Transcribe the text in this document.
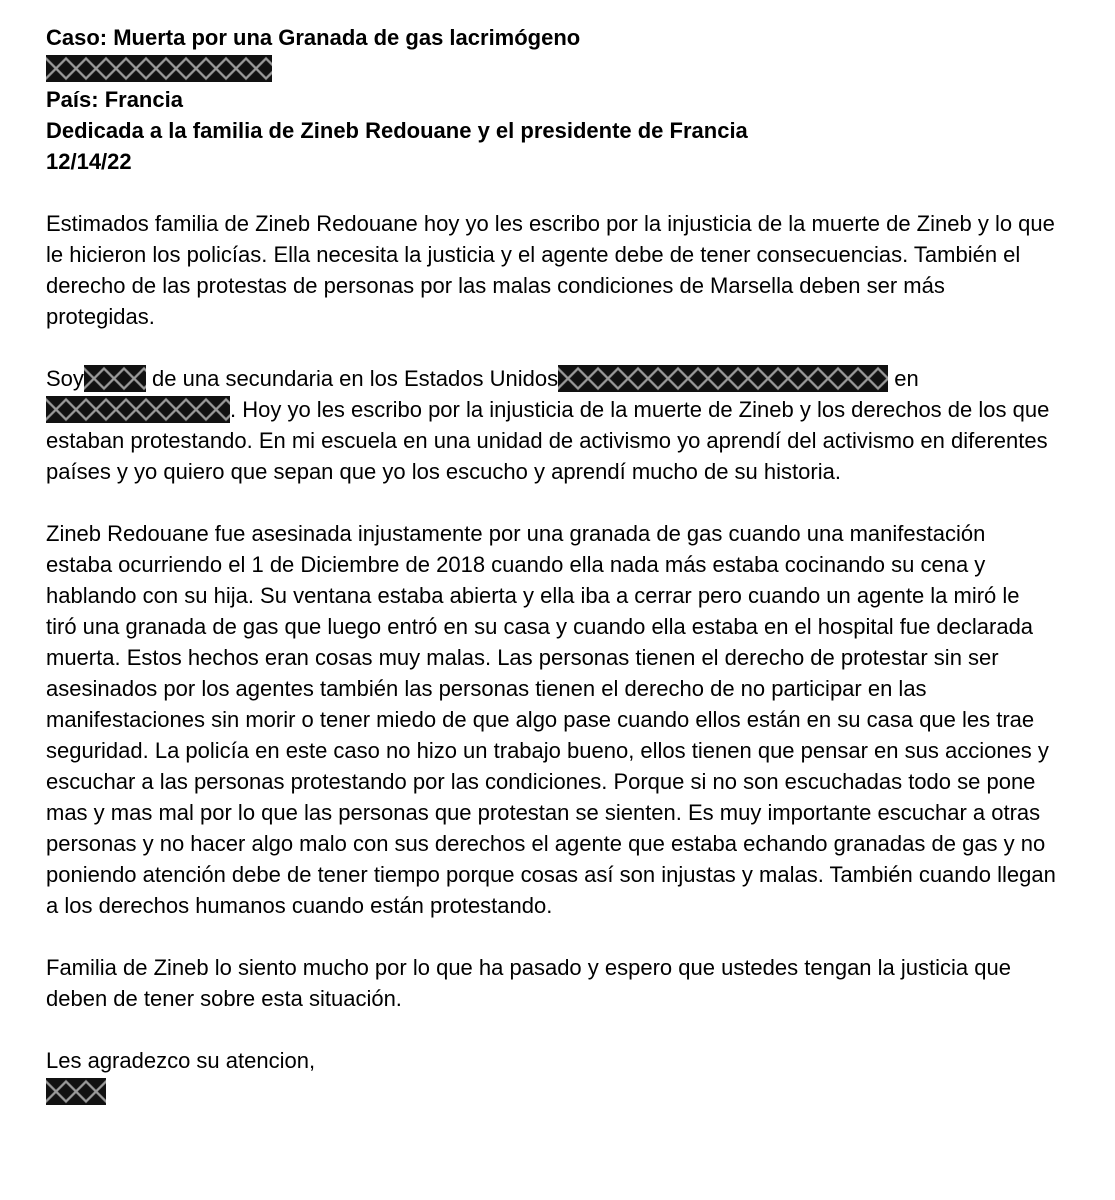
Caso: Muerta por una Granada de gas lacrimógeno
País: Francia
Dedicada a la familia de Zineb Redouane y el presidente de Francia
12/14/22

Estimados familia de Zineb Redouane hoy yo les escribo por la injusticia de la muerte de Zineb y lo que le hicieron los policías. Ella necesita la justicia y el agente debe de tener consecuencias. También el derecho de las protestas de personas por las malas condiciones de Marsella deben ser más protegidas.

Soy	de una secundaria en los Estados Unidos	en
. Hoy yo les escribo por la injusticia de la muerte de Zineb y los derechos de los que estaban protestando. En mi escuela en una unidad de activismo yo aprendí del activismo en diferentes países y yo quiero que sepan que yo los escucho y aprendí mucho de su historia.

Zineb Redouane fue asesinada injustamente por una granada de gas cuando una manifestación estaba ocurriendo el 1 de Diciembre de 2018 cuando ella nada más estaba cocinando su cena y hablando con su hija. Su ventana estaba abierta y ella iba a cerrar pero cuando un agente la miró le tiró una granada de gas que luego entró en su casa y cuando ella estaba en el hospital fue declarada muerta. Estos hechos eran cosas muy malas. Las personas tienen el derecho de protestar sin ser asesinados por los agentes también las personas tienen el derecho de no participar en las manifestaciones sin morir o tener miedo de que algo pase cuando ellos están en su casa que les trae seguridad. La policía en este caso no hizo un trabajo bueno, ellos tienen que pensar en sus acciones y escuchar a las personas protestando por las condiciones. Porque si no son escuchadas todo se pone mas y mas mal por lo que las personas que protestan se sienten. Es muy importante escuchar a otras personas y no hacer algo malo con sus derechos el agente que estaba echando granadas de gas y no poniendo atención debe de tener tiempo porque cosas así son injustas y malas. También cuando llegan a los derechos humanos cuando están protestando.

Familia de Zineb lo siento mucho por lo que ha pasado y espero que ustedes tengan la justicia que deben de tener sobre esta situación.

Les agradezco su atencion,
